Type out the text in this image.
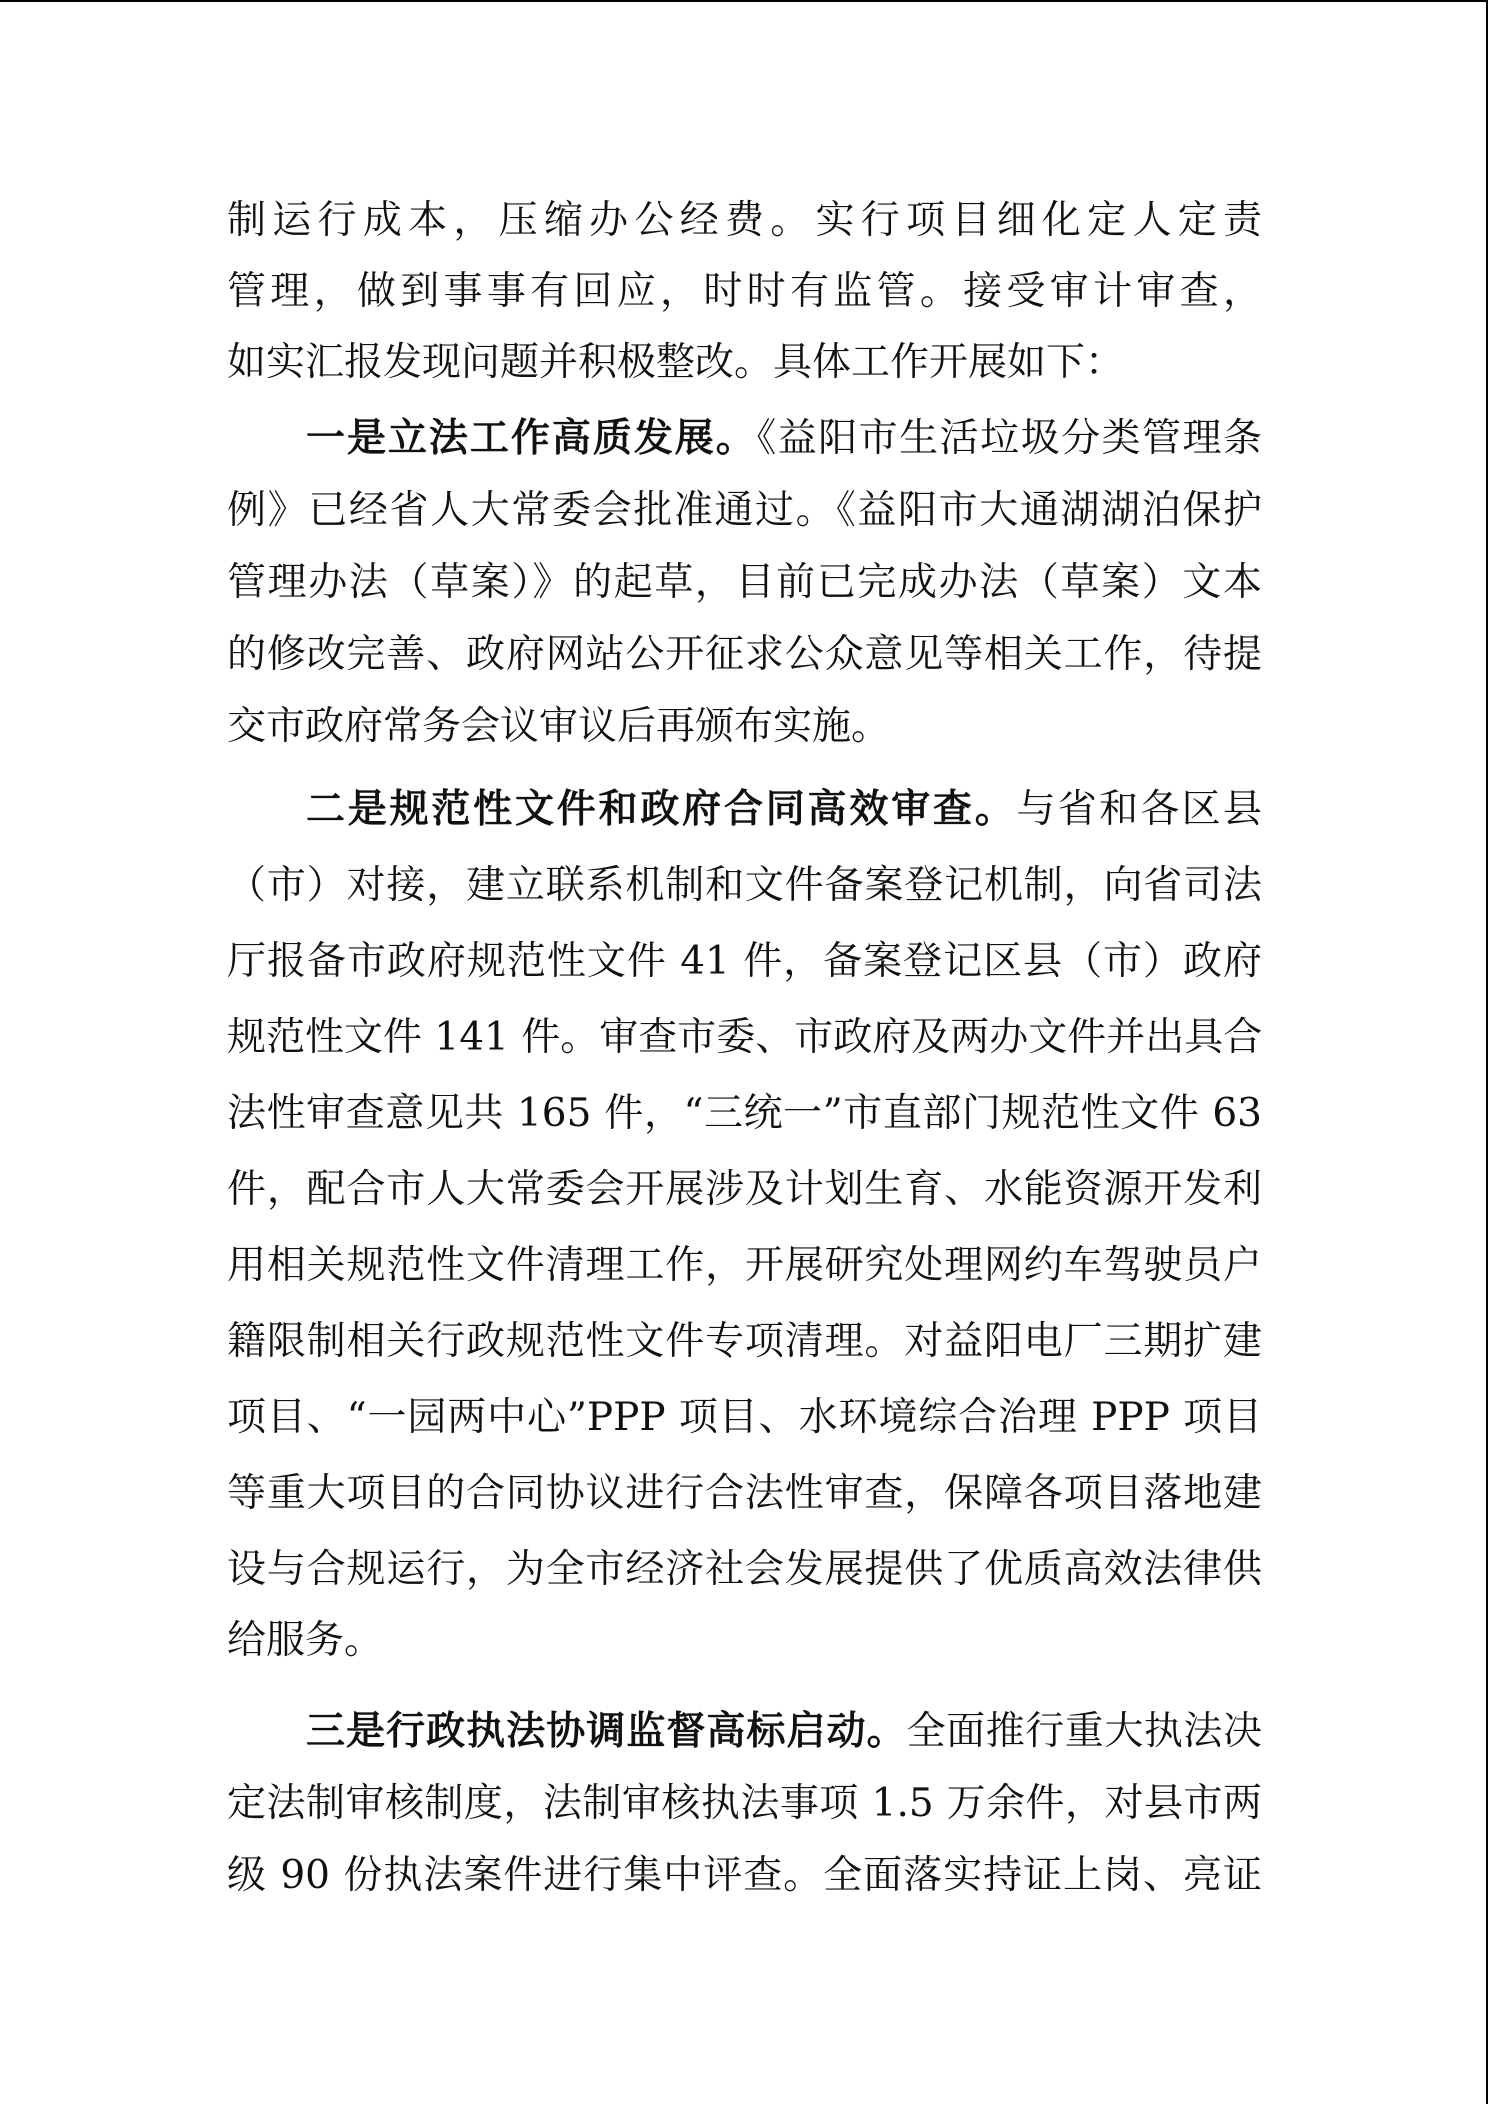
制运行成本，压缩办公经费。实行项目细化定人定责
管理，做到事事有回应，时时有监管。接受审计审查，
如实汇报发现问题并积极整改。具体工作开展如下：
一是立法工作高质发展。《益阳市生活垃圾分类管理条
例》已经省人大常委会批准通过。《益阳市大通湖湖泊保护
管理办法（草案）》的起草，目前已完成办法（草案）文本
的修改完善、政府网站公开征求公众意见等相关工作，待提
交市政府常务会议审议后再颁布实施。
二是规范性文件和政府合同高效审查。与省和各区县
（市）对接，建立联系机制和文件备案登记机制，向省司法
厅报备市政府规范性文件 41 件，备案登记区县（市）政府
规范性文件 141 件。审查市委、市政府及两办文件并出具合
法性审查意见共 165 件，“三统一”市直部门规范性文件 63
件，配合市人大常委会开展涉及计划生育、水能资源开发利
用相关规范性文件清理工作，开展研究处理网约车驾驶员户
籍限制相关行政规范性文件专项清理。对益阳电厂三期扩建
项目、“一园两中心”PPP 项目、水环境综合治理 PPP 项目
等重大项目的合同协议进行合法性审查，保障各项目落地建
设与合规运行，为全市经济社会发展提供了优质高效法律供
给服务。
三是行政执法协调监督高标启动。全面推行重大执法决
定法制审核制度，法制审核执法事项 1.5 万余件，对县市两
级 90 份执法案件进行集中评查。全面落实持证上岗、亮证
